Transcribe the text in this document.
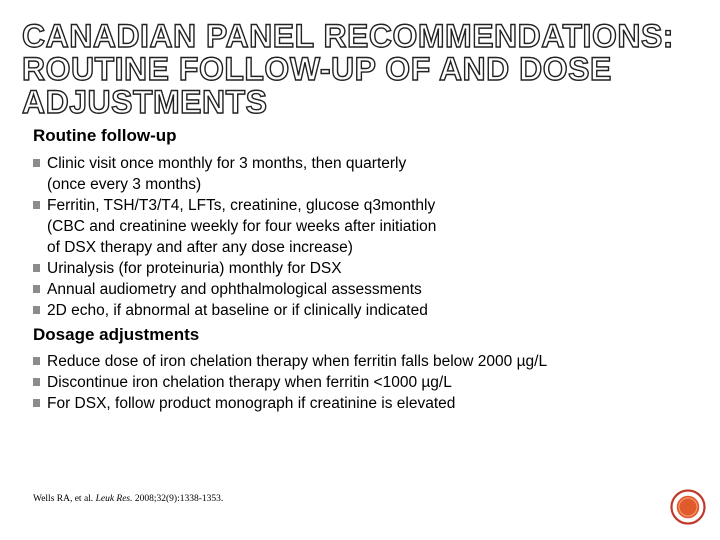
CANADIAN PANEL RECOMMENDATIONS:
ROUTINE FOLLOW-UP OF AND DOSE
ADJUSTMENTS
Routine follow-up
Clinic visit once monthly for 3 months, then quarterly
(once every 3 months)
Ferritin, TSH/T3/T4, LFTs, creatinine, glucose q3monthly
(CBC and creatinine weekly for four weeks after initiation
of DSX therapy and after any dose increase)
Urinalysis (for proteinuria) monthly for DSX
Annual audiometry and ophthalmological assessments
2D echo, if abnormal at baseline or if clinically indicated
Dosage adjustments
Reduce dose of iron chelation therapy when ferritin falls below 2000 µg/L
Discontinue iron chelation therapy when ferritin <1000 µg/L
For DSX, follow product monograph if creatinine is elevated
Wells RA, et al. Leuk Res. 2008;32(9):1338-1353.
